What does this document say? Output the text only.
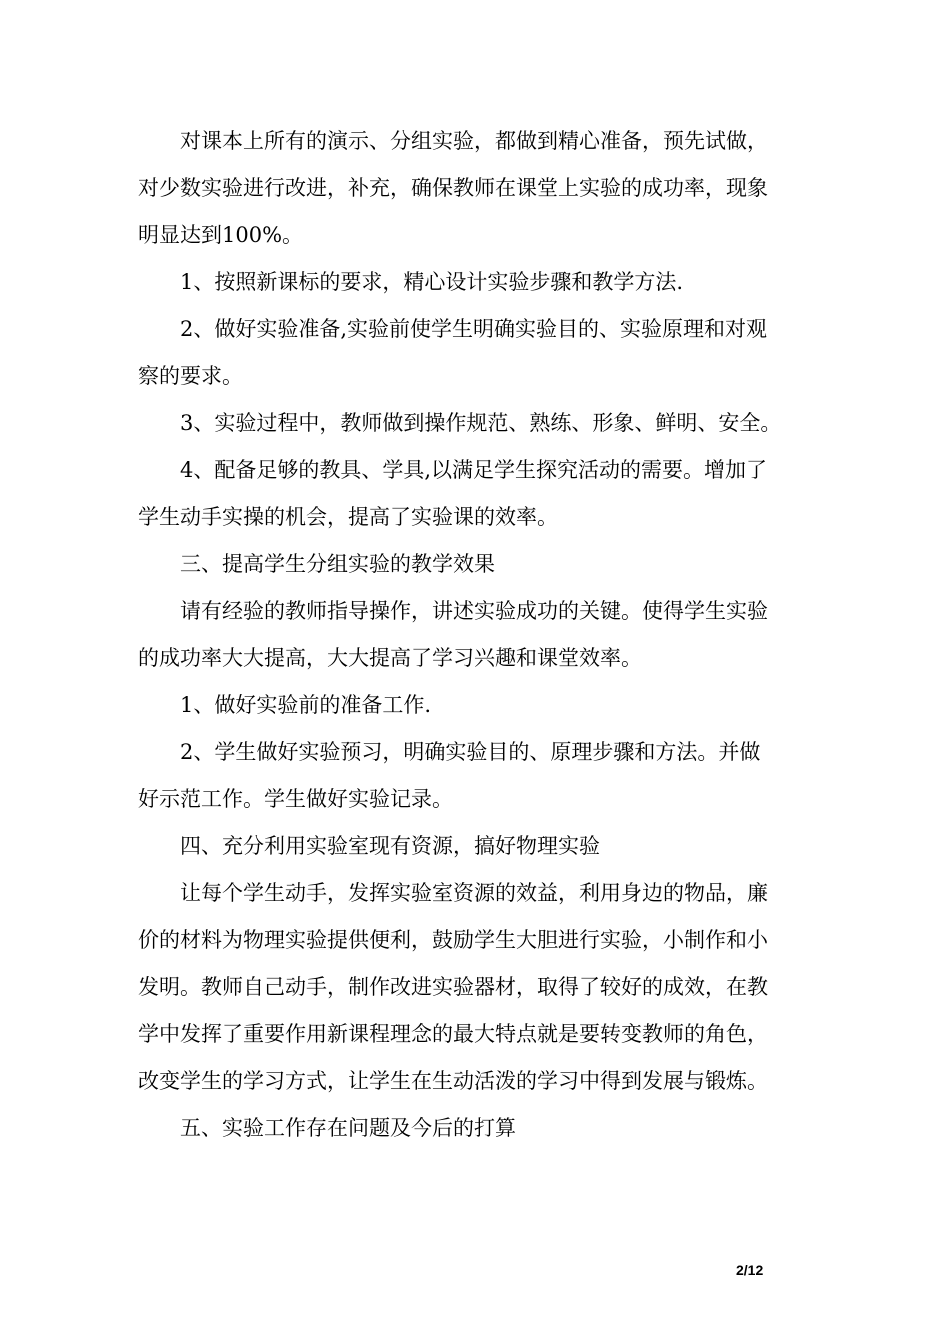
对课本上所有的演示、分组实验，都做到精心准备，预先试做，
对少数实验进行改进，补充，确保教师在课堂上实验的成功率，现象
明显达到100%。

1、按照新课标的要求，精心设计实验步骤和教学方法.

2、做好实验准备,实验前使学生明确实验目的、实验原理和对观
察的要求。

3、实验过程中，教师做到操作规范、熟练、形象、鲜明、安全。

4、配备足够的教具、学具,以满足学生探究活动的需要。增加了
学生动手实操的机会，提高了实验课的效率。

三、提高学生分组实验的教学效果

请有经验的教师指导操作，讲述实验成功的关键。使得学生实验
的成功率大大提高，大大提高了学习兴趣和课堂效率。

1、做好实验前的准备工作.

2、学生做好实验预习，明确实验目的、原理步骤和方法。并做
好示范工作。学生做好实验记录。

四、充分利用实验室现有资源，搞好物理实验

让每个学生动手，发挥实验室资源的效益，利用身边的物品，廉
价的材料为物理实验提供便利，鼓励学生大胆进行实验，小制作和小
发明。教师自己动手，制作改进实验器材，取得了较好的成效，在教
学中发挥了重要作用新课程理念的最大特点就是要转变教师的角色，
改变学生的学习方式，让学生在生动活泼的学习中得到发展与锻炼。

五、实验工作存在问题及今后的打算

2/12
